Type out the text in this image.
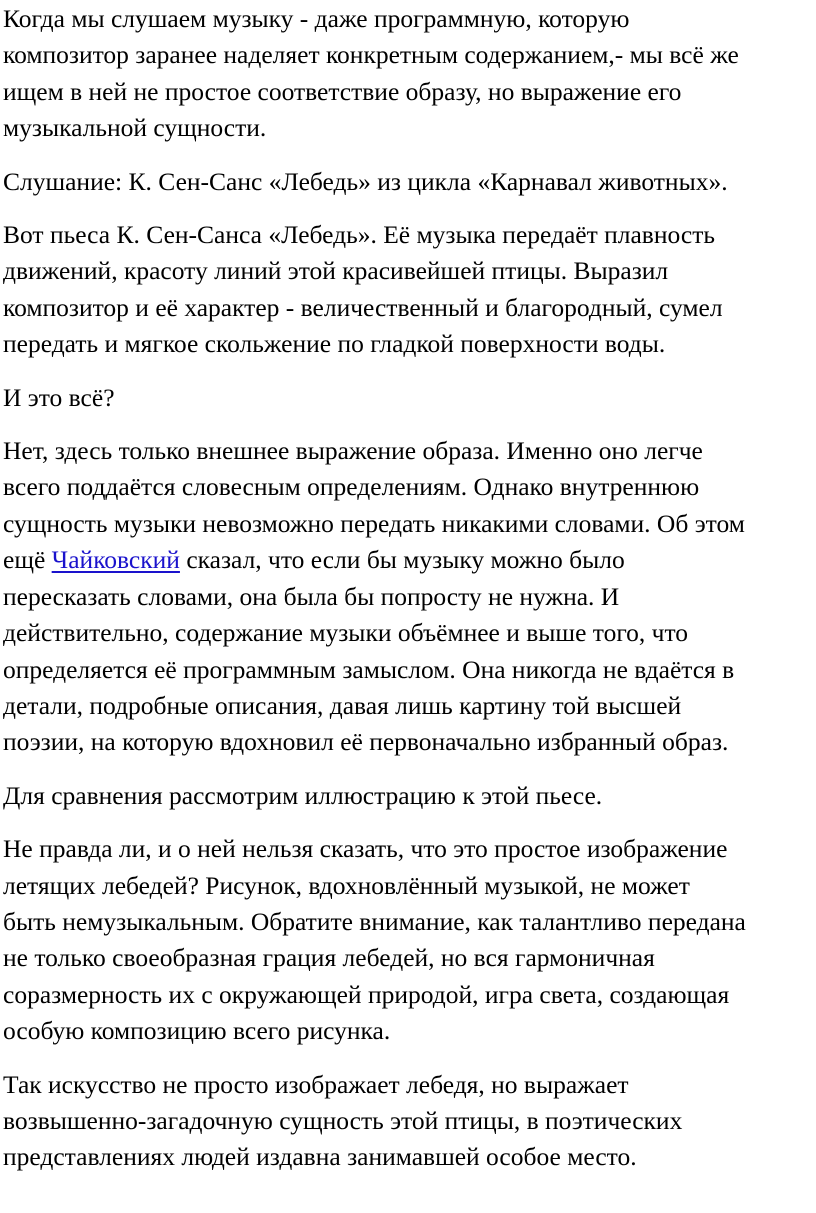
Когда мы слушаем музыку - даже программную, которую
композитор заранее наделяет конкретным содержанием,- мы всё же
ищем в ней не простое соответствие образу, но выражение его
музыкальной сущности.

Слушание: К. Сен-Санс «Лебедь» из цикла «Карнавал животных».

Вот пьеса К. Сен-Санса «Лебедь». Её музыка передаёт плавность
движений, красоту линий этой красивейшей птицы. Выразил
композитор и её характер - величественный и благородный, сумел
передать и мягкое скольжение по гладкой поверхности воды.

И это всё?

Нет, здесь только внешнее выражение образа. Именно оно легче
всего поддаётся словесным определениям. Однако внутреннюю
сущность музыки невозможно передать никакими словами. Об этом
ещё Чайковский сказал, что если бы музыку можно было
пересказать словами, она была бы попросту не нужна. И
действительно, содержание музыки объёмнее и выше того, что
определяется её программным замыслом. Она никогда не вдаётся в
детали, подробные описания, давая лишь картину той высшей
поэзии, на которую вдохновил её первоначально избранный образ.

Для сравнения рассмотрим иллюстрацию к этой пьесе.

Не правда ли, и о ней нельзя сказать, что это простое изображение
летящих лебедей? Рисунок, вдохновлённый музыкой, не может
быть немузыкальным. Обратите внимание, как талантливо передана
не только своеобразная грация лебедей, но вся гармоничная
соразмерность их с окружающей природой, игра света, создающая
особую композицию всего рисунка.

Так искусство не просто изображает лебедя, но выражает
возвышенно-загадочную сущность этой птицы, в поэтических
представлениях людей издавна занимавшей особое место.
